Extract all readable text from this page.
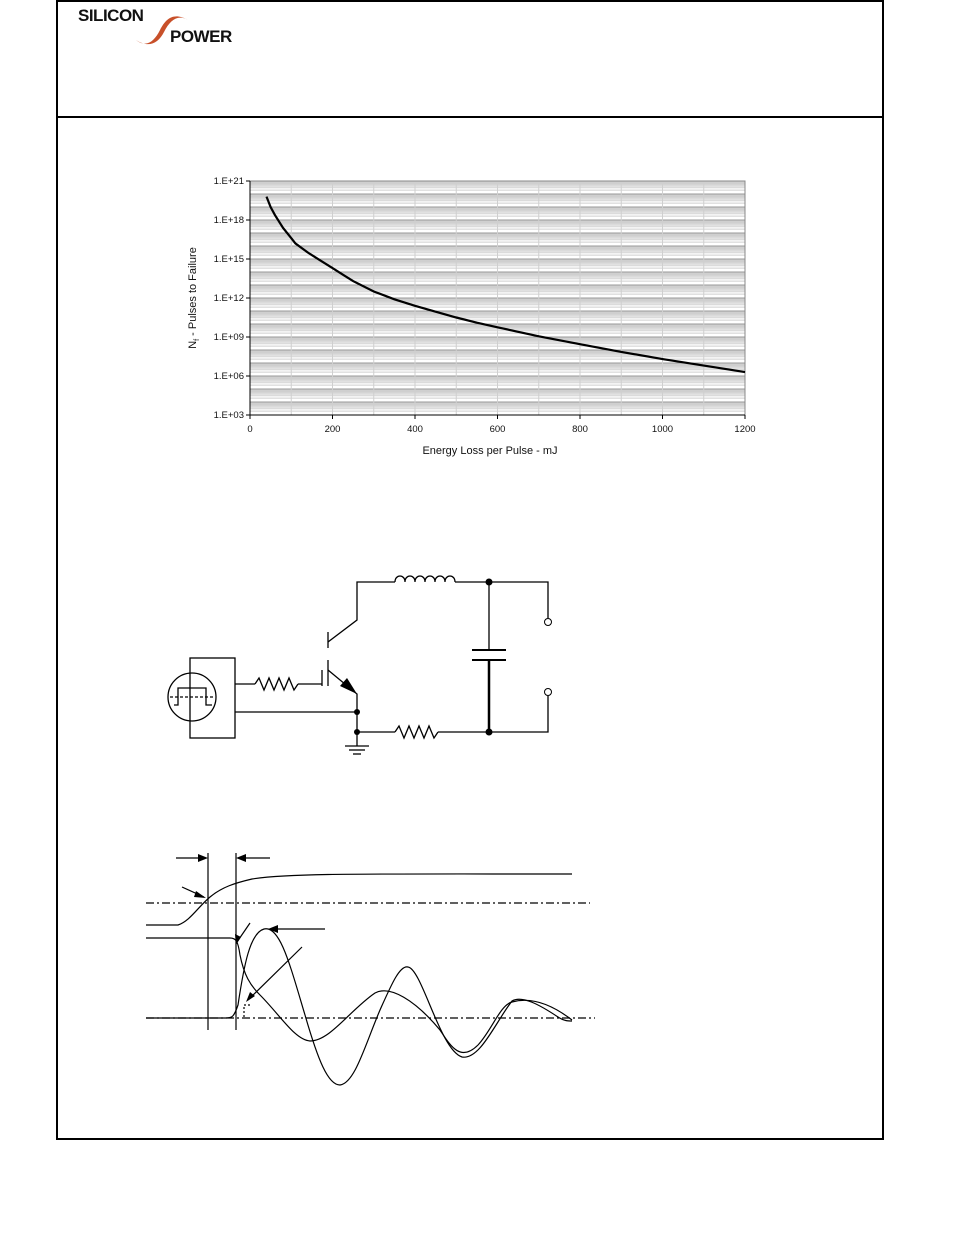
SILICON
POWER
1.E+03
1.E+06
1.E+09
1.E+12
1.E+15
1.E+18
1.E+21
0	200	400	600	800	1000	1200
Energy Loss per Pulse - mJ
$N_f$ - Pulses to Failure
